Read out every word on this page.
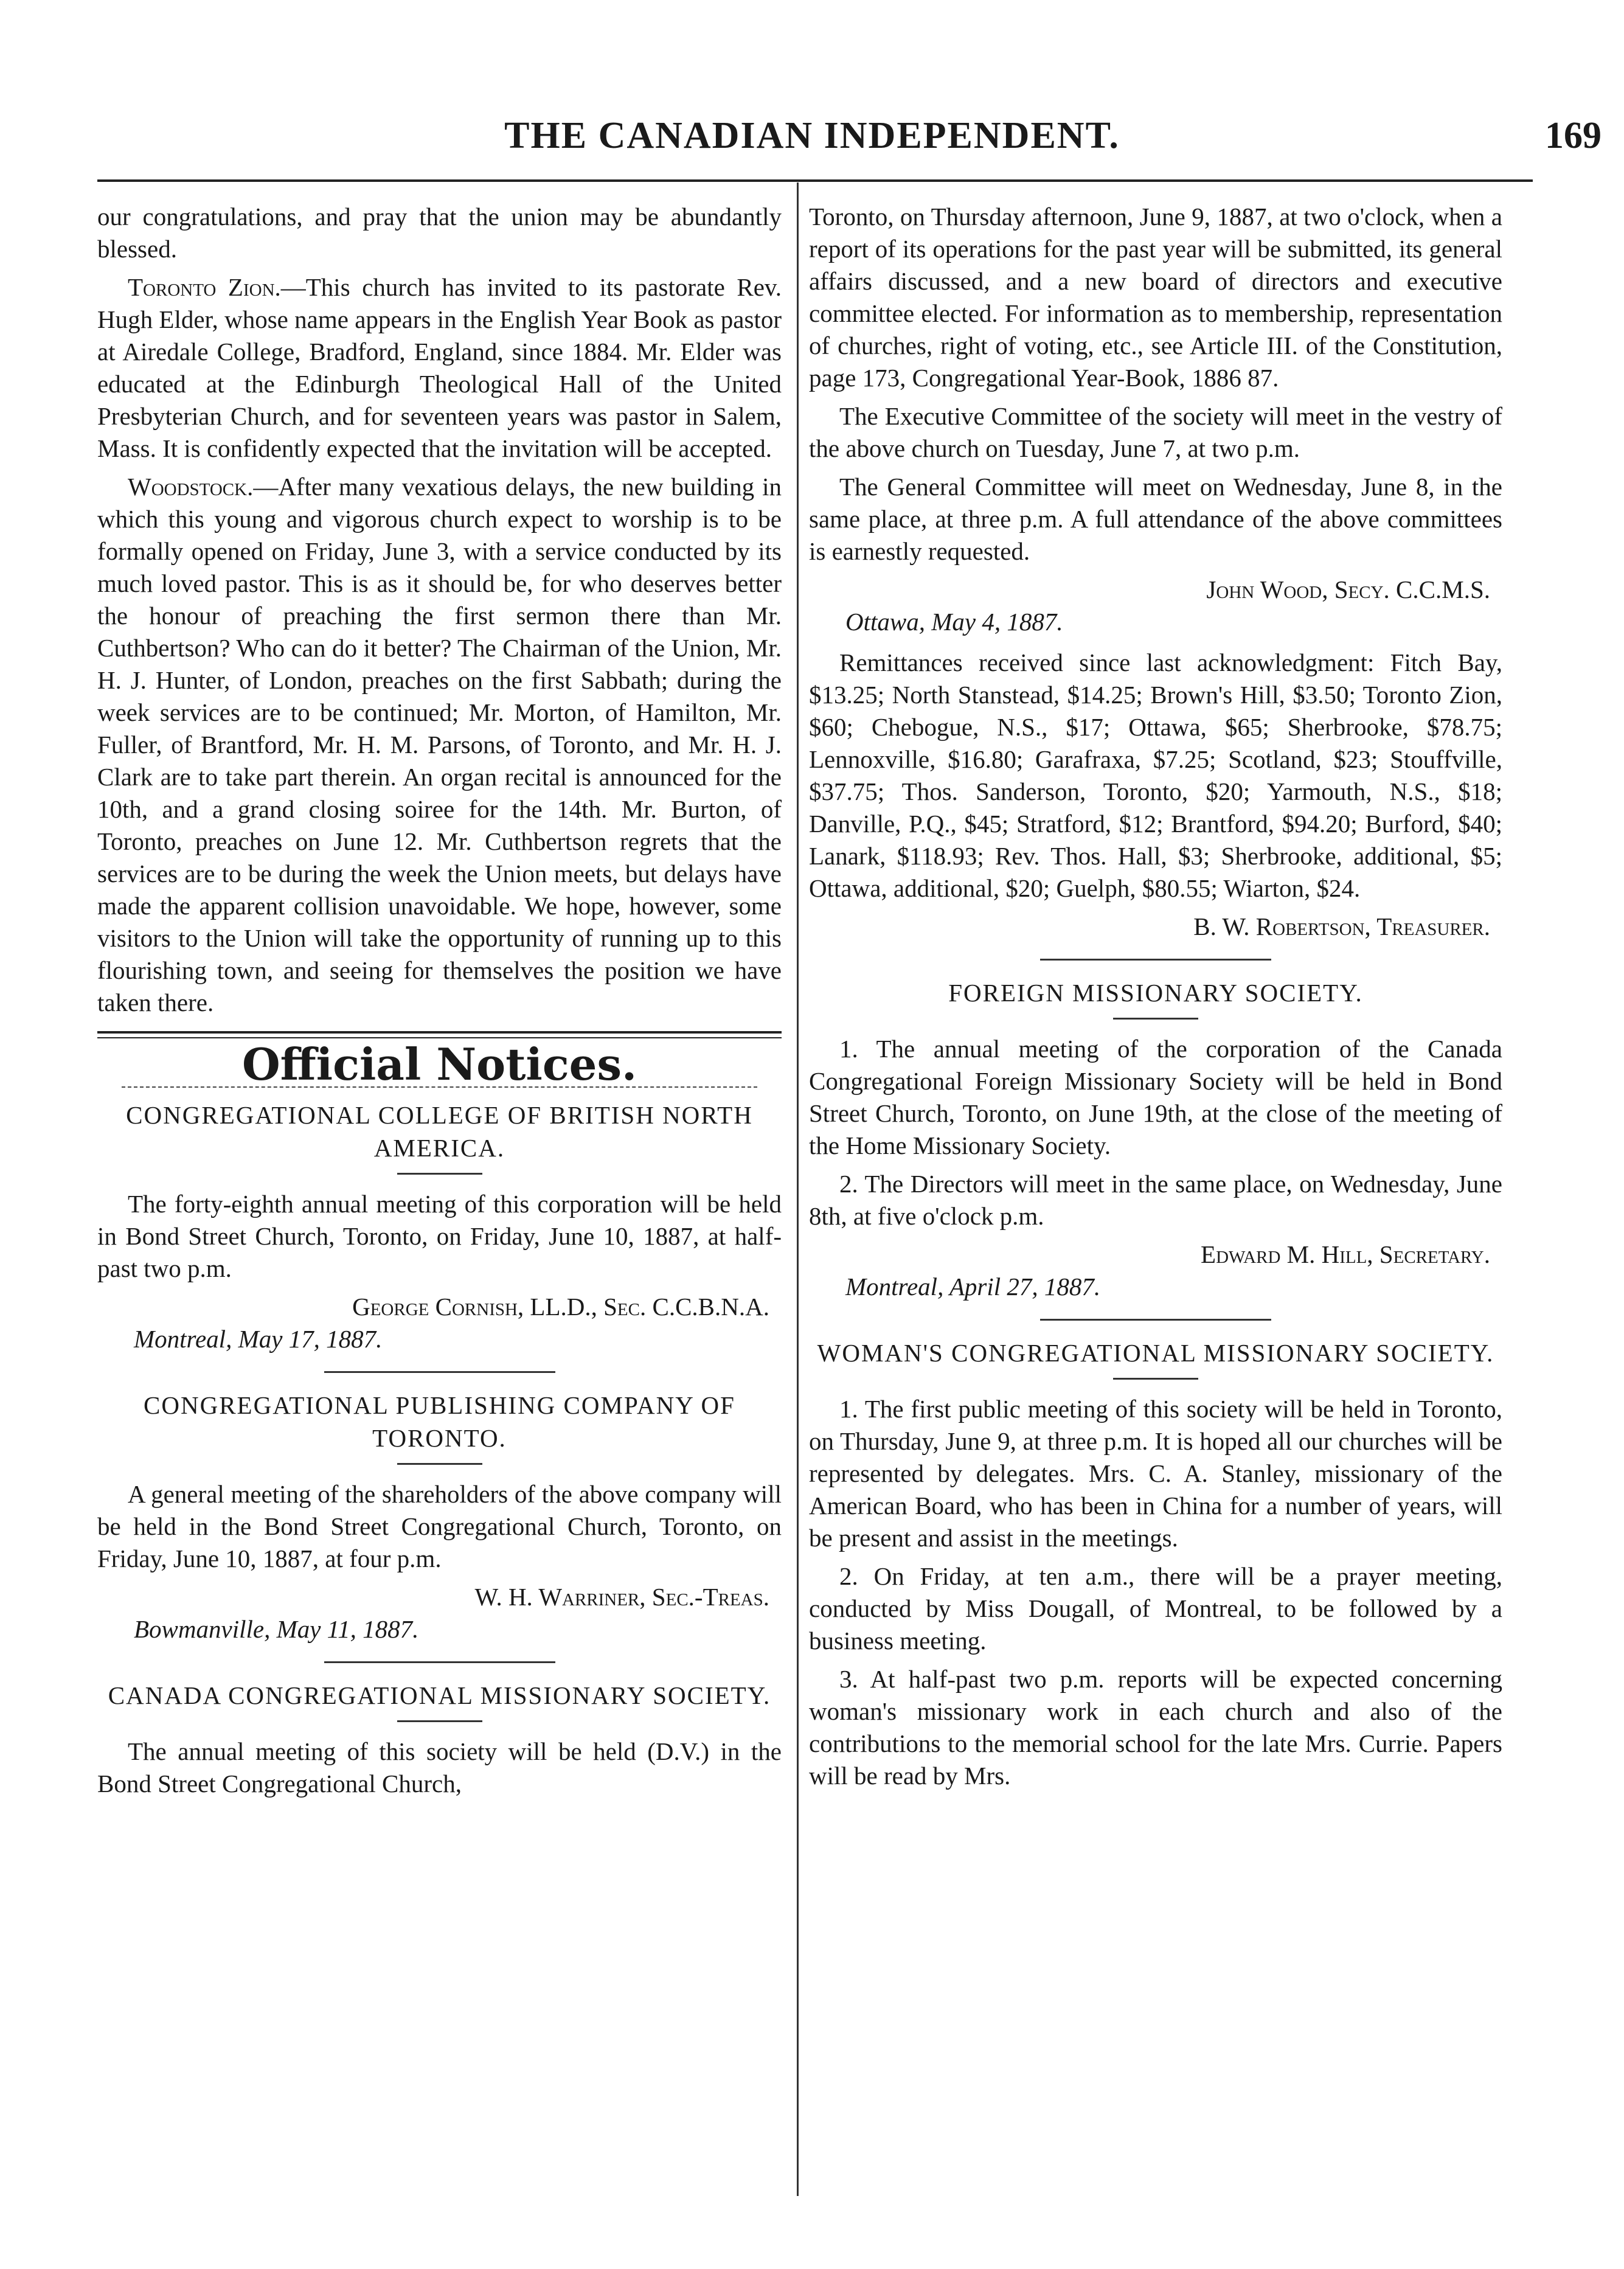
THE CANADIAN INDEPENDENT.	169

our congratulations, and pray that the union may be abundantly blessed.

Toronto Zion.—This church has invited to its pastorate Rev. Hugh Elder, whose name appears in the English Year Book as pastor at Airedale College, Bradford, England, since 1884. Mr. Elder was educated at the Edinburgh Theological Hall of the United Presbyterian Church, and for seventeen years was pastor in Salem, Mass. It is confidently expected that the invitation will be accepted.

Woodstock.—After many vexatious delays, the new building in which this young and vigorous church expect to worship is to be formally opened on Friday, June 3, with a service conducted by its much loved pastor. This is as it should be, for who deserves better the honour of preaching the first sermon there than Mr. Cuthbertson? Who can do it better? The Chairman of the Union, Mr. H. J. Hunter, of London, preaches on the first Sabbath; during the week services are to be continued; Mr. Morton, of Hamilton, Mr. Fuller, of Brantford, Mr. H. M. Parsons, of Toronto, and Mr. H. J. Clark are to take part therein. An organ recital is announced for the 10th, and a grand closing soiree for the 14th. Mr. Burton, of Toronto, preaches on June 12. Mr. Cuthbertson regrets that the services are to be during the week the Union meets, but delays have made the apparent collision unavoidable. We hope, however, some visitors to the Union will take the opportunity of running up to this flourishing town, and seeing for themselves the position we have taken there.

Official Notices.
CONGREGATIONAL COLLEGE OF BRITISH NORTH AMERICA.

The forty-eighth annual meeting of this corporation will be held in Bond Street Church, Toronto, on Friday, June 10, 1887, at half-past two p.m.

George Cornish, LL.D., Sec. C.C.B.N.A.

Montreal, May 17, 1887.

CONGREGATIONAL PUBLISHING COMPANY OF TORONTO.

A general meeting of the shareholders of the above company will be held in the Bond Street Congregational Church, Toronto, on Friday, June 10, 1887, at four p.m.

W. H. Warriner, Sec.-Treas.

Bowmanville, May 11, 1887.

CANADA CONGREGATIONAL MISSIONARY SOCIETY.

The annual meeting of this society will be held (D.V.) in the Bond Street Congregational Church,

Toronto, on Thursday afternoon, June 9, 1887, at two o'clock, when a report of its operations for the past year will be submitted, its general affairs discussed, and a new board of directors and executive committee elected. For information as to membership, representation of churches, right of voting, etc., see Article III. of the Constitution, page 173, Congregational Year-Book, 1886 87.

The Executive Committee of the society will meet in the vestry of the above church on Tuesday, June 7, at two p.m.

The General Committee will meet on Wednesday, June 8, in the same place, at three p.m. A full attendance of the above committees is earnestly requested.

John Wood, Secy. C.C.M.S.

Ottawa, May 4, 1887.

Remittances received since last acknowledgment: Fitch Bay, $13.25; North Stanstead, $14.25; Brown's Hill, $3.50; Toronto Zion, $60; Chebogue, N.S., $17; Ottawa, $65; Sherbrooke, $78.75; Lennoxville, $16.80; Garafraxa, $7.25; Scotland, $23; Stouffville, $37.75; Thos. Sanderson, Toronto, $20; Yarmouth, N.S., $18; Danville, P.Q., $45; Stratford, $12; Brantford, $94.20; Burford, $40; Lanark, $118.93; Rev. Thos. Hall, $3; Sherbrooke, additional, $5; Ottawa, additional, $20; Guelph, $80.55; Wiarton, $24.

B. W. Robertson, Treasurer.

FOREIGN MISSIONARY SOCIETY.

1. The annual meeting of the corporation of the Canada Congregational Foreign Missionary Society will be held in Bond Street Church, Toronto, on June 19th, at the close of the meeting of the Home Missionary Society.

2. The Directors will meet in the same place, on Wednesday, June 8th, at five o'clock p.m.

Edward M. Hill, Secretary.

Montreal, April 27, 1887.

WOMAN'S CONGREGATIONAL MISSIONARY SOCIETY.

1. The first public meeting of this society will be held in Toronto, on Thursday, June 9, at three p.m. It is hoped all our churches will be represented by delegates. Mrs. C. A. Stanley, missionary of the American Board, who has been in China for a number of years, will be present and assist in the meetings.

2. On Friday, at ten a.m., there will be a prayer meeting, conducted by Miss Dougall, of Montreal, to be followed by a business meeting.

3. At half-past two p.m. reports will be expected concerning woman's missionary work in each church and also of the contributions to the memorial school for the late Mrs. Currie. Papers will be read by Mrs.
